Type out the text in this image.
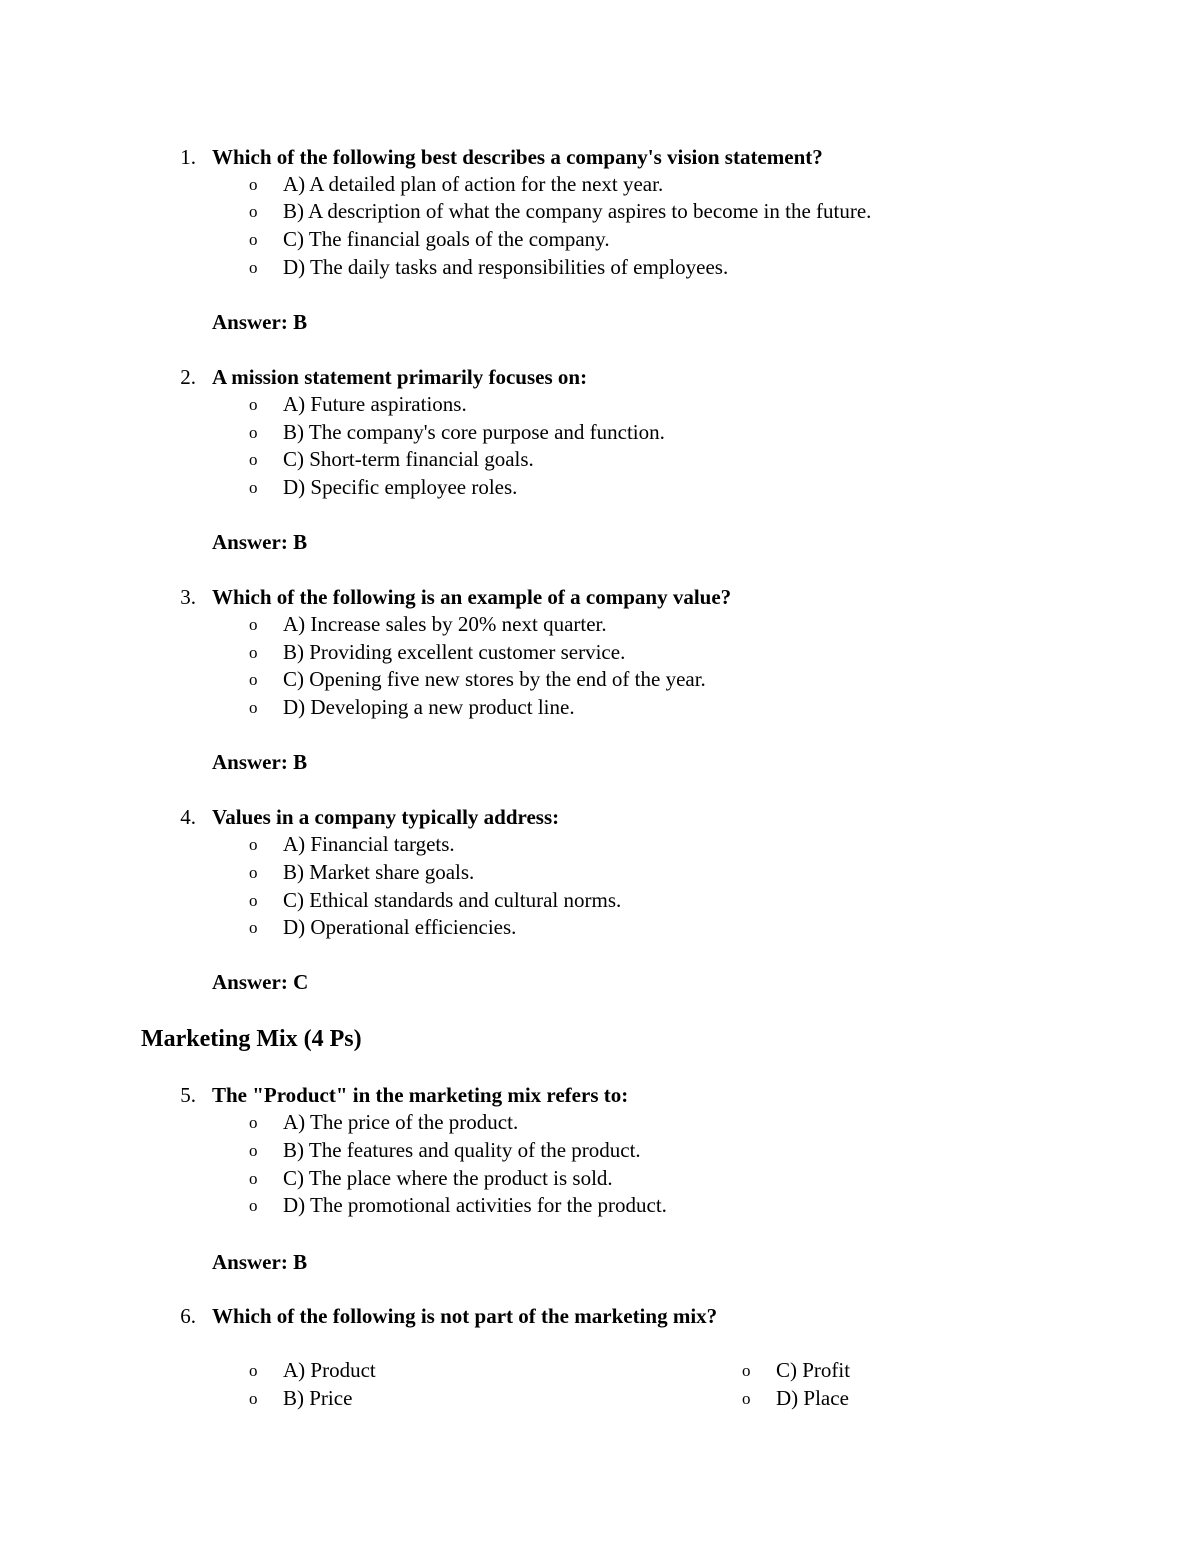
1. Which of the following best describes a company's vision statement?
o A) A detailed plan of action for the next year.
o B) A description of what the company aspires to become in the future.
o C) The financial goals of the company.
o D) The daily tasks and responsibilities of employees.
Answer: B
2. A mission statement primarily focuses on:
o A) Future aspirations.
o B) The company's core purpose and function.
o C) Short-term financial goals.
o D) Specific employee roles.
Answer: B
3. Which of the following is an example of a company value?
o A) Increase sales by 20% next quarter.
o B) Providing excellent customer service.
o C) Opening five new stores by the end of the year.
o D) Developing a new product line.
Answer: B
4. Values in a company typically address:
o A) Financial targets.
o B) Market share goals.
o C) Ethical standards and cultural norms.
o D) Operational efficiencies.
Answer: C
Marketing Mix (4 Ps)
5. The "Product" in the marketing mix refers to:
o A) The price of the product.
o B) The features and quality of the product.
o C) The place where the product is sold.
o D) The promotional activities for the product.
Answer: B
6. Which of the following is not part of the marketing mix?
o A) Product
o B) Price
o C) Profit
o D) Place
